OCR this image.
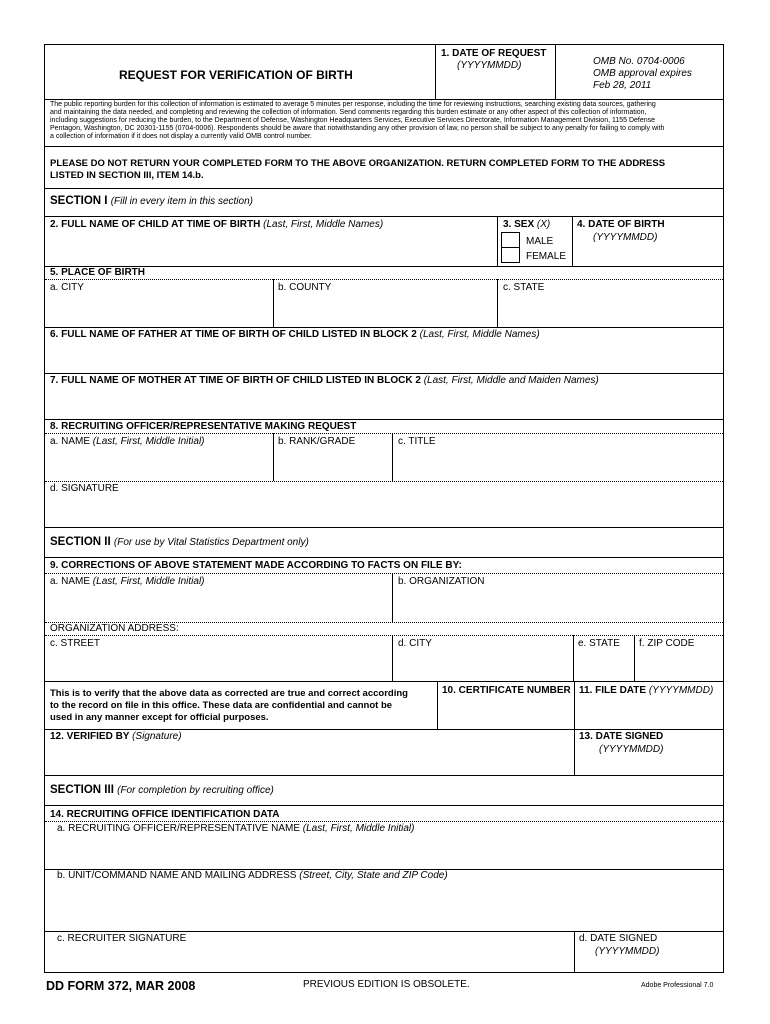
REQUEST FOR VERIFICATION OF BIRTH
1. DATE OF REQUEST
(YYYYMMDD)	OMB No. 0704-0006
OMB approval expires
Feb 28, 2011
The public reporting burden for this collection of information is estimated to average 5 minutes per response, including the time for reviewing instructions, searching existing data sources, gathering
and maintaining the data needed, and completing and reviewing the collection of information. Send comments regarding this burden estimate or any other aspect of this collection of information,
including suggestions for reducing the burden, to the Department of Defense, Washington Headquarters Services, Executive Services Directorate, Information Management Division, 1155 Defense
Pentagon, Washington, DC 20301-1155 (0704-0006). Respondents should be aware that notwithstanding any other provision of law, no person shall be subject to any penalty for failing to comply with
a collection of information if it does not display a currently valid OMB control number.
PLEASE DO NOT RETURN YOUR COMPLETED FORM TO THE ABOVE ORGANIZATION. RETURN COMPLETED FORM TO THE ADDRESS
LISTED IN SECTION III, ITEM 14.b.
SECTION I (Fill in every item in this section)
2. FULL NAME OF CHILD AT TIME OF BIRTH (Last, First, Middle Names)	3. SEX (X)
MALE
FEMALE
4. DATE OF BIRTH
(YYYYMMDD)
5. PLACE OF BIRTH
a. CITY	b. COUNTY	c. STATE
6. FULL NAME OF FATHER AT TIME OF BIRTH OF CHILD LISTED IN BLOCK 2 (Last, First, Middle Names)
7. FULL NAME OF MOTHER AT TIME OF BIRTH OF CHILD LISTED IN BLOCK 2 (Last, First, Middle and Maiden Names)
8. RECRUITING OFFICER/REPRESENTATIVE MAKING REQUEST
a. NAME (Last, First, Middle Initial)	b. RANK/GRADE	c. TITLE
d. SIGNATURE
SECTION II (For use by Vital Statistics Department only)
9. CORRECTIONS OF ABOVE STATEMENT MADE ACCORDING TO FACTS ON FILE BY:
a. NAME (Last, First, Middle Initial)	b. ORGANIZATION
ORGANIZATION ADDRESS:
c. STREET	d. CITY	e. STATE f. ZIP CODE
This is to verify that the above data as corrected are true and correct according
to the record on file in this office. These data are confidential and cannot be
used in any manner except for official purposes.
10. CERTIFICATE NUMBER 11. FILE DATE (YYYYMMDD)
12. VERIFIED BY (Signature)	13. DATE SIGNED
(YYYYMMDD)
SECTION III (For completion by recruiting office)
14. RECRUITING OFFICE IDENTIFICATION DATA
a. RECRUITING OFFICER/REPRESENTATIVE NAME (Last, First, Middle Initial)
b. UNIT/COMMAND NAME AND MAILING ADDRESS (Street, City, State and ZIP Code)
c. RECRUITER SIGNATURE	d. DATE SIGNED
(YYYYMMDD)
DD FORM 372, MAR 2008	PREVIOUS EDITION IS OBSOLETE.	Adobe Professional 7.0
